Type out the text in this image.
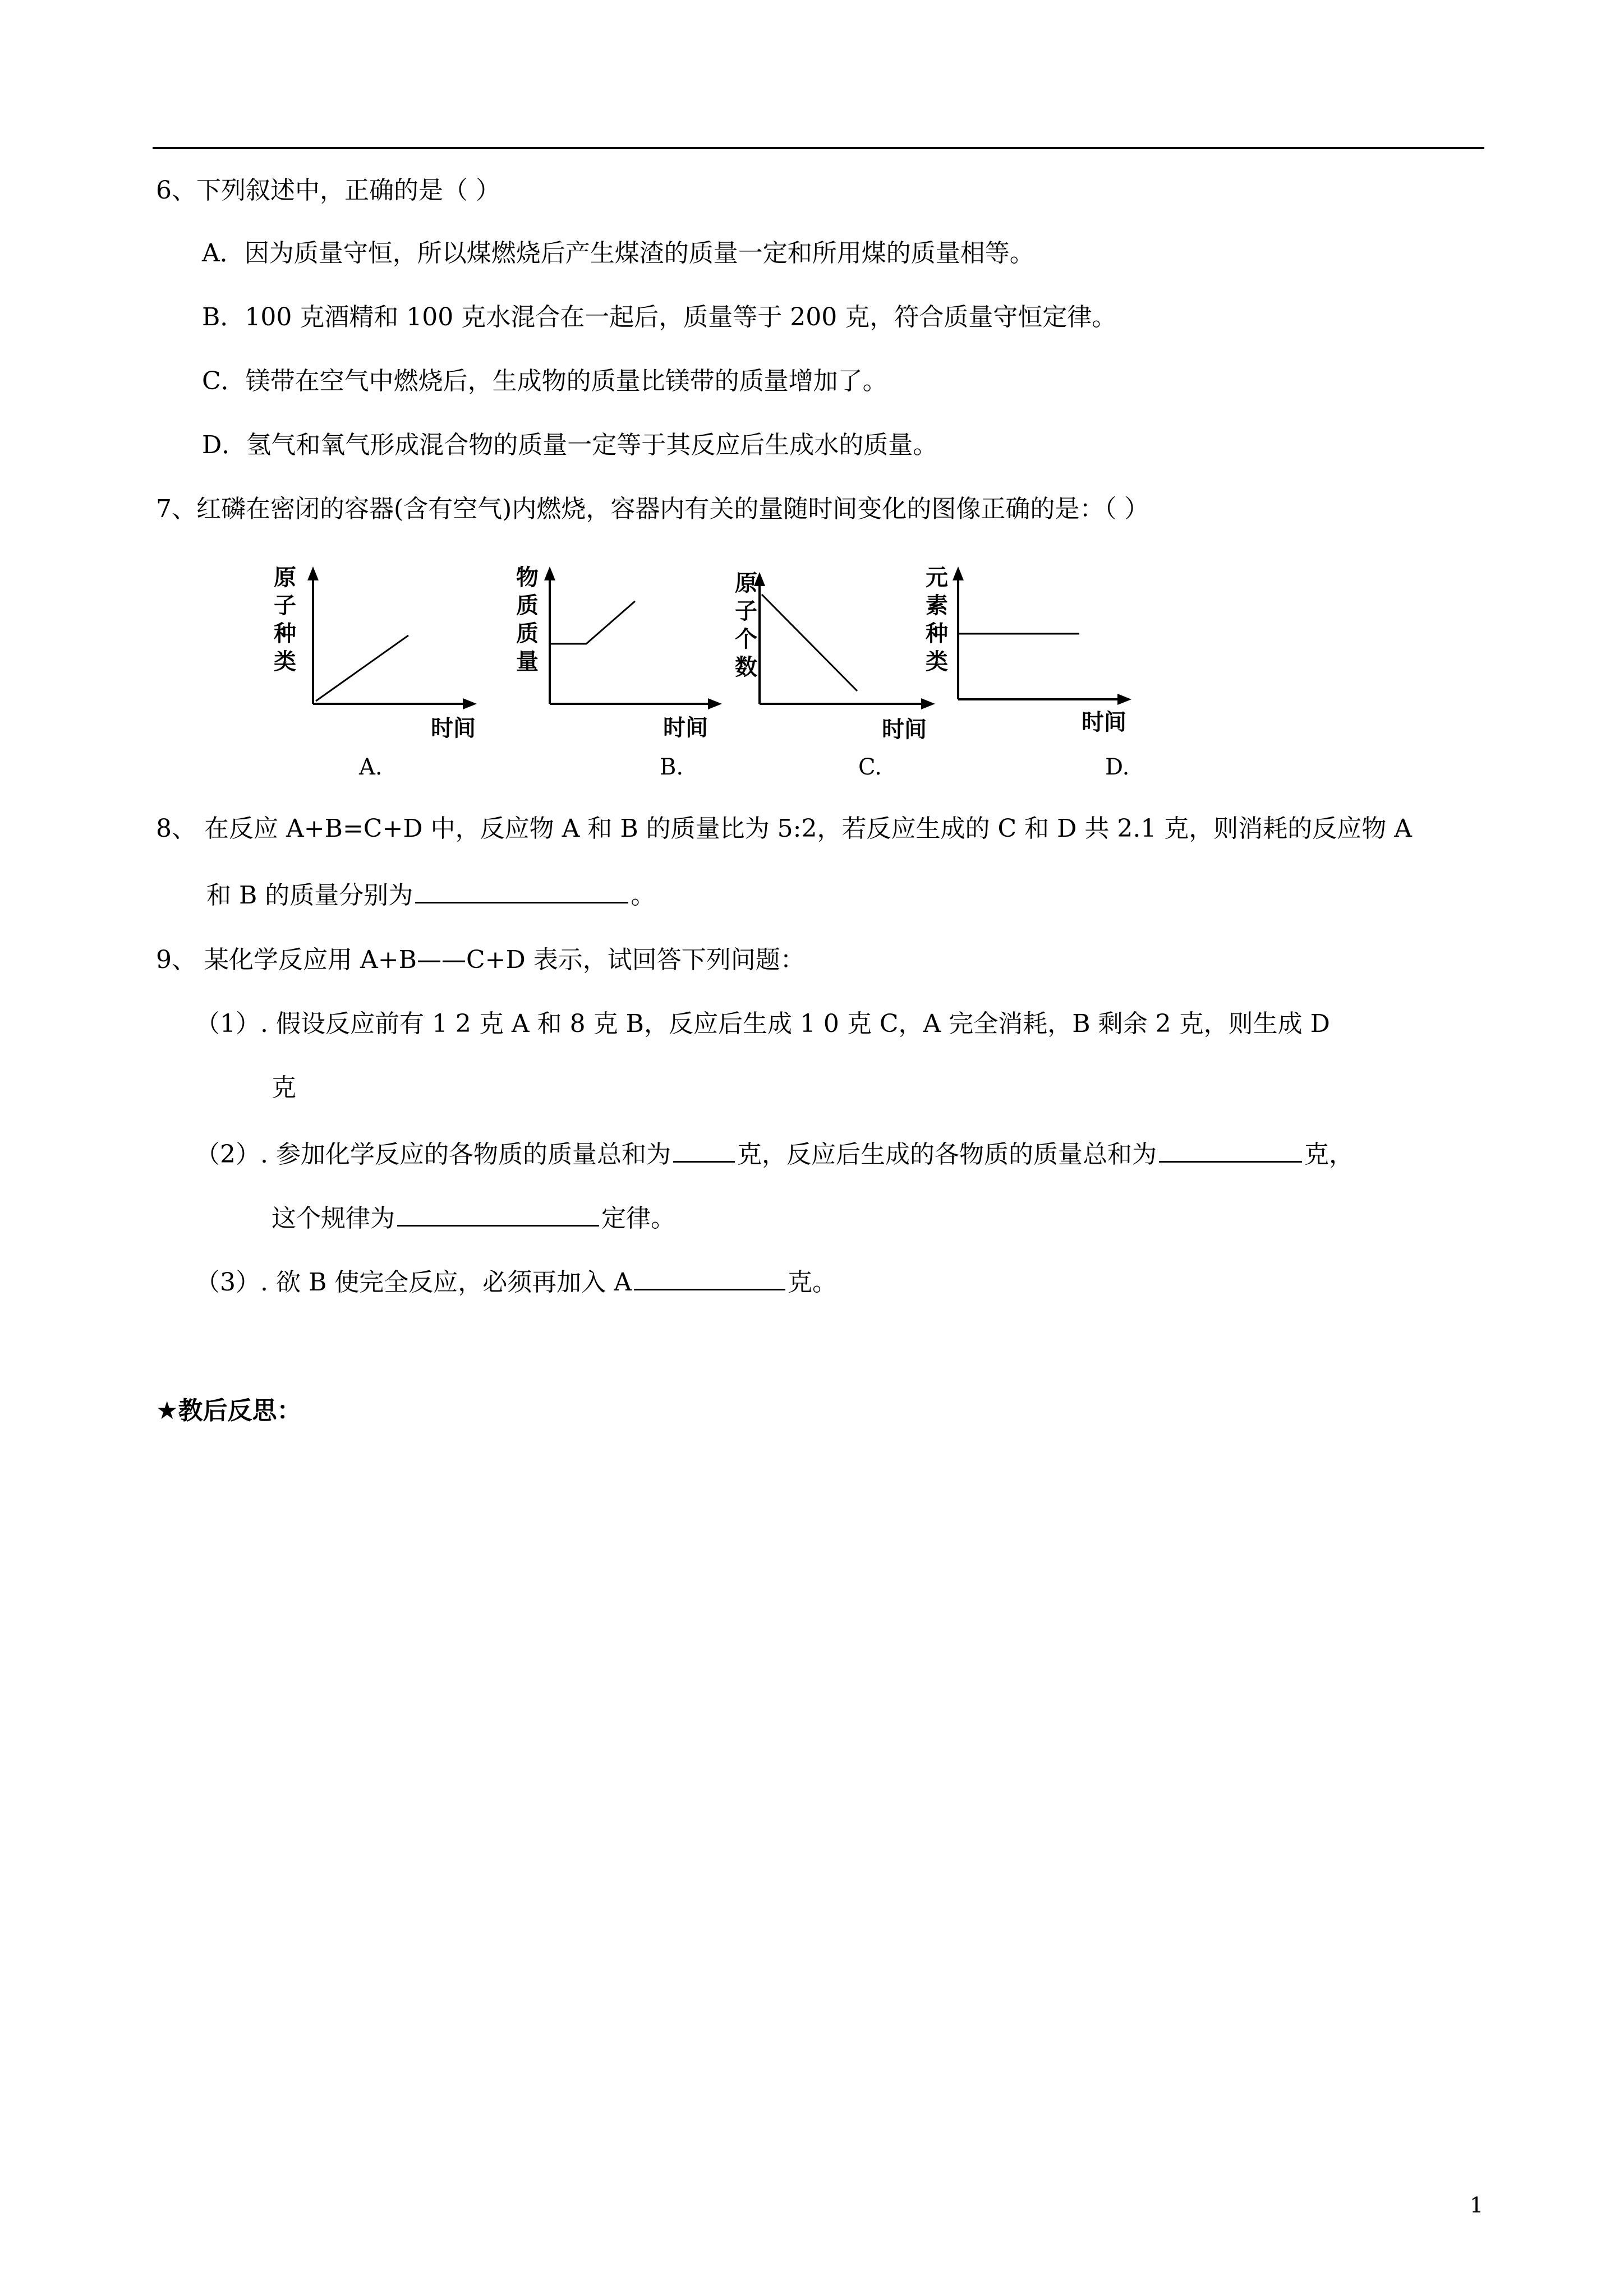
6、下列叙述中，正确的是（ ）
A．因为质量守恒，所以煤燃烧后产生煤渣的质量一定和所用煤的质量相等。
B．100 克酒精和 100 克水混合在一起后，质量等于 200 克，符合质量守恒定律。
C．镁带在空气中燃烧后，生成物的质量比镁带的质量增加了。
D．氢气和氧气形成混合物的质量一定等于其反应后生成水的质量。
7、红磷在密闭的容器(含有空气)内燃烧，容器内有关的量随时间变化的图像正确的是：（ ）
原
子
种
类
时间
A.
物
质
质
量
时间
B.
原
子
个
数
时间
C.
元
素
种
类
时间
D.
8、 在反应 A+B=C+D 中，反应物 A 和 B 的质量比为 5:2，若反应生成的 C 和 D 共 2.1 克，则消耗的反应物 A
和 B 的质量分别为	。
9、 某化学反应用 A+B——C+D 表示，试回答下列问题：
（1）. 假设反应前有 1 2 克 A 和 8 克 B，反应后生成 1 0 克 C，A 完全消耗，B 剩余 2 克，则生成 D
克
（2）. 参加化学反应的各物质的质量总和为	克，反应后生成的各物质的质量总和为	克，
这个规律为	定律。
（3）. 欲 B 使完全反应，必须再加入 A	克。
★教后反思：
1
